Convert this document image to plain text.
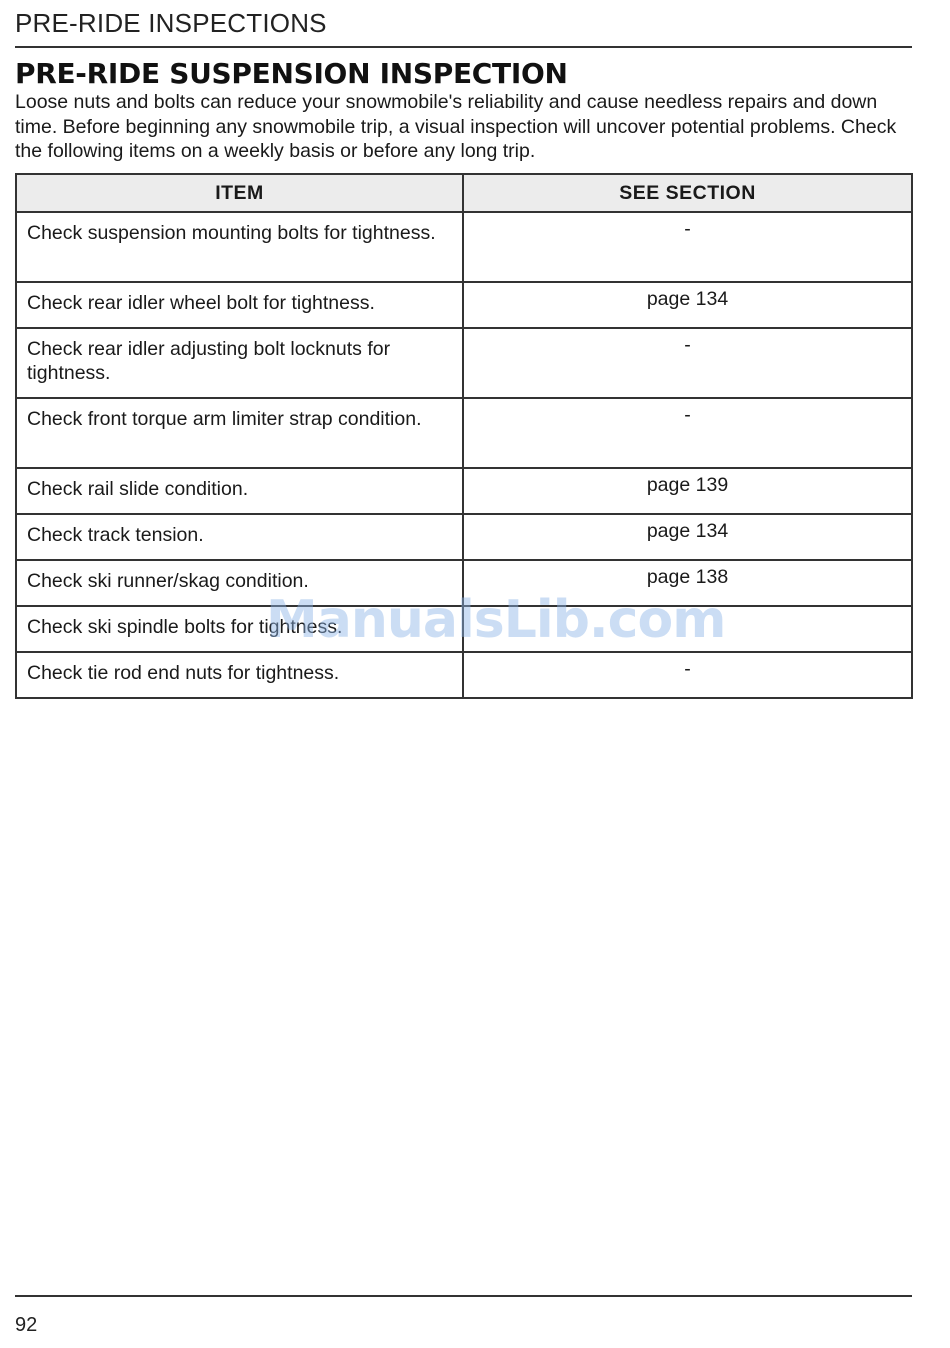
PRE-RIDE INSPECTIONS
PRE-RIDE SUSPENSION INSPECTION

Loose nuts and bolts can reduce your snowmobile's reliability and cause needless repairs and down time. Before beginning any snowmobile trip, a visual inspection will uncover potential problems. Check the following items on a weekly basis or before any long trip.

ITEM	SEE SECTION
Check suspension mounting bolts for tightness.	-
Check rear idler wheel bolt for tightness.	page 134
Check rear idler adjusting bolt locknuts for tightness.	-
Check front torque arm limiter strap condition.	-
Check rail slide condition.	page 139
Check track tension.	page 134
Check ski runner/skag condition.	page 138
Check ski spindle bolts for tightness.	
Check tie rod end nuts for tightness.	-
ManualsLib.com
92
